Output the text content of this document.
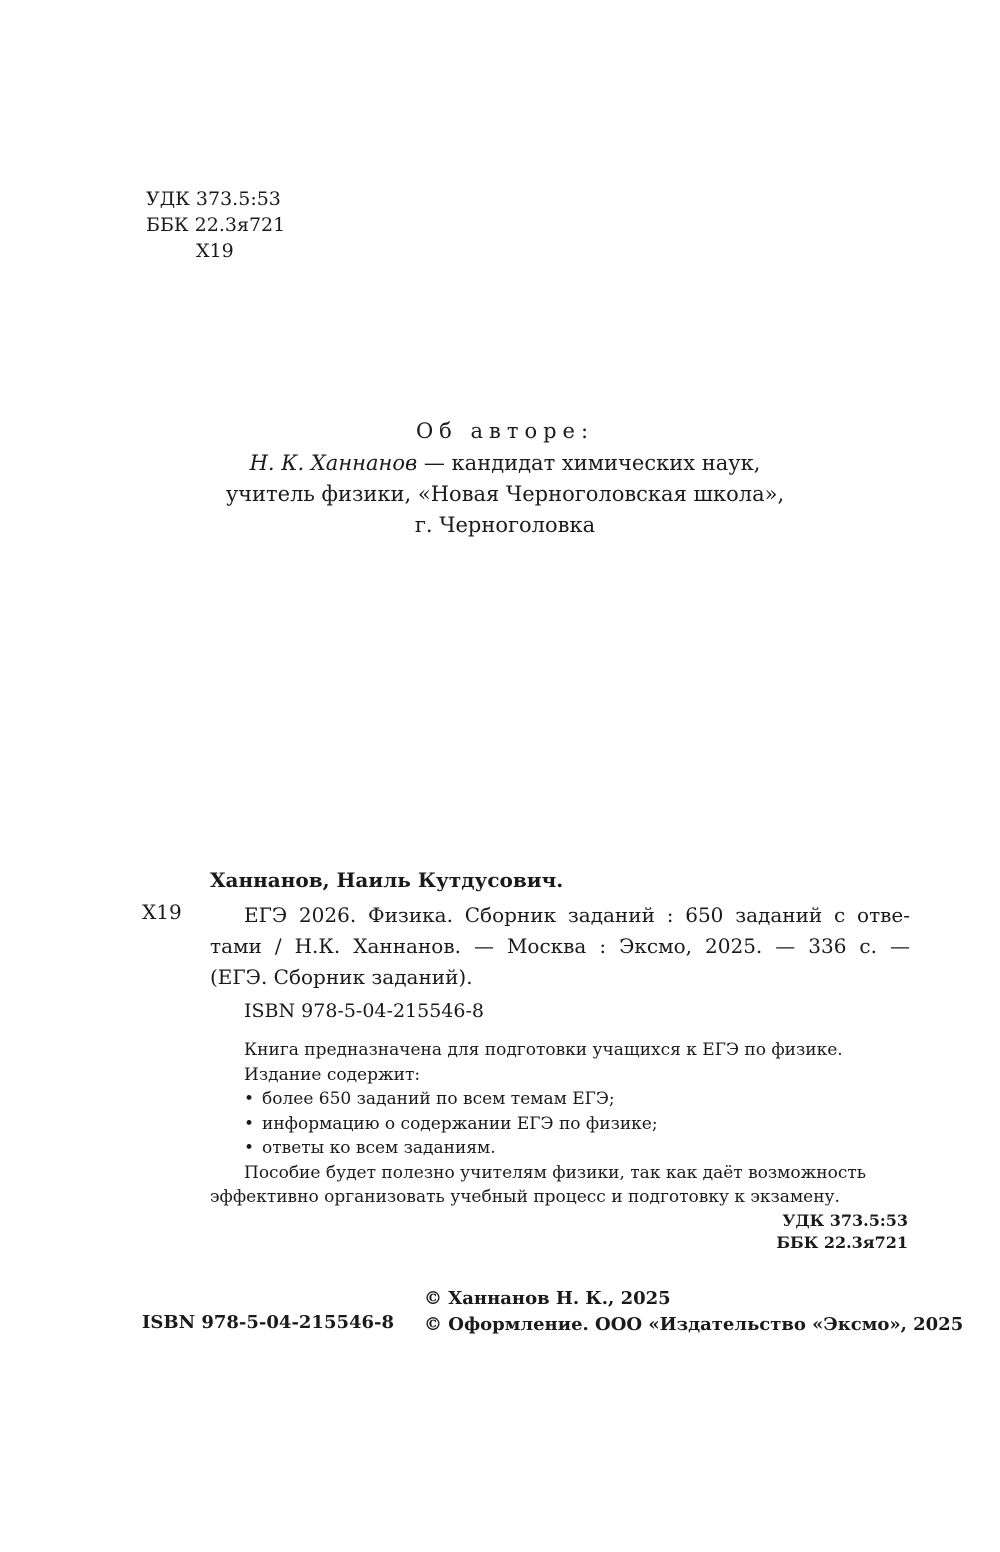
УДК 373.5:53
ББК 22.3я721
Х19
Об авторе:
Н. К. Ханнанов — кандидат химических наук,
учитель физики, «Новая Черноголовская школа»,
г. Черноголовка
Ханнанов, Наиль Кутдусович.
Х19	ЕГЭ 2026. Физика. Сборник заданий : 650 заданий с отве-
тами / Н.К. Ханнанов. — Москва : Эксмо, 2025. — 336 с. —
(ЕГЭ. Сборник заданий).
ISBN 978-5-04-215546-8
Книга предназначена для подготовки учащихся к ЕГЭ по физике.
Издание содержит:
• более 650 заданий по всем темам ЕГЭ;
• информацию о содержании ЕГЭ по физике;
• ответы ко всем заданиям.
Пособие будет полезно учителям физики, так как даёт возможность
эффективно организовать учебный процесс и подготовку к экзамену.
УДК 373.5:53
ББК 22.3я721
ISBN 978-5-04-215546-8
© Ханнанов Н. К., 2025
© Оформление. ООО «Издательство «Эксмо», 2025
